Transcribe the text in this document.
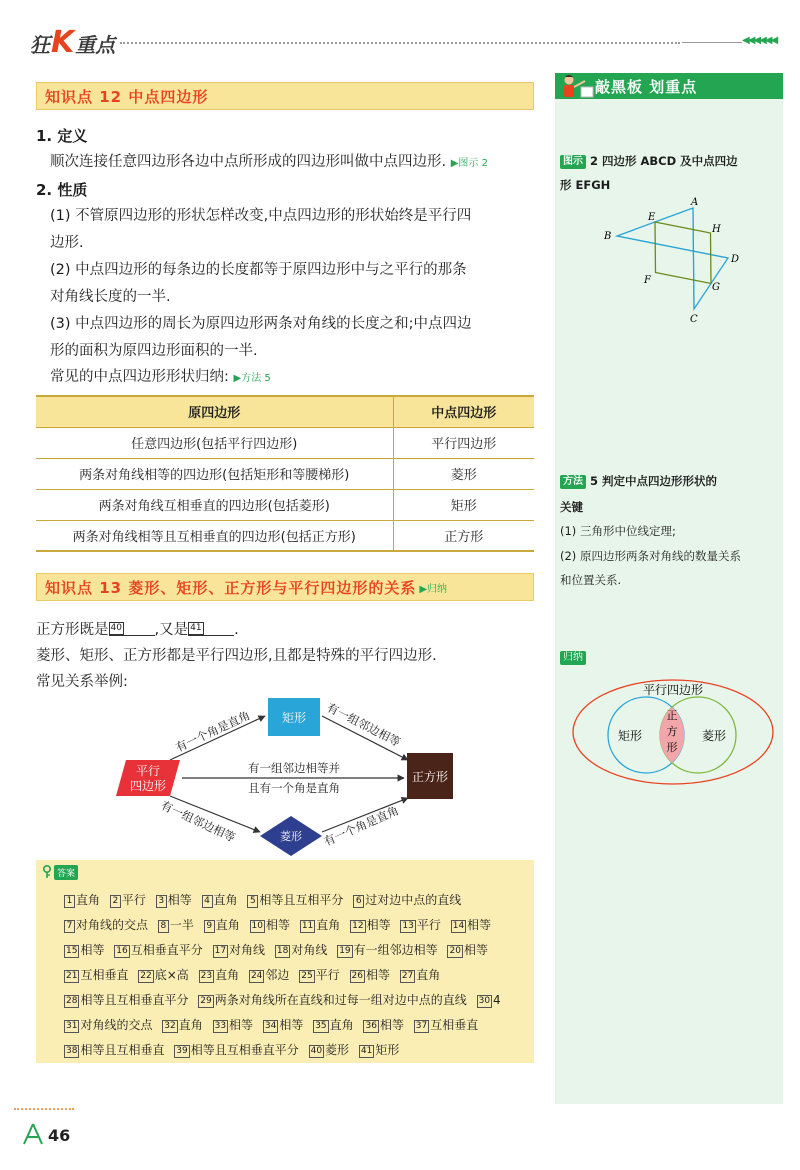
狂 K 重点	◀◀◀◀◀◀
知识点 12 中点四边形
1. 定义
顺次连接任意四边形各边中点所形成的四边形叫做中点四边形. ▶图示 2
2. 性质
(1) 不管原四边形的形状怎样改变,中点四边形的形状始终是平行四
边形.
(2) 中点四边形的每条边的长度都等于原四边形中与之平行的那条
对角线长度的一半.
(3) 中点四边形的周长为原四边形两条对角线的长度之和;中点四边
形的面积为原四边形面积的一半.
常见的中点四边形形状归纳: ▶方法 5
原四边形	中点四边形
任意四边形(包括平行四边形)	平行四边形
两条对角线相等的四边形(包括矩形和等腰梯形)	菱形
两条对角线互相垂直的四边形(包括菱形)	矩形
两条对角线相等且互相垂直的四边形(包括正方形)	正方形
知识点 13 菱形、矩形、正方形与平行四边形的关系 ▶归纳
正方形既是 40 ,又是 41 .
菱形、矩形、正方形都是平行四边形,且都是特殊的平行四边形.
常见关系举例:
平行
四边形
矩形
正方形
菱形
有一个角是直角	有一组邻边相等
有一组邻边相等并
且有一个角是直角
有一组邻边相等	有一个角是直角
答案
1 直角 2 平行 3 相等 4 直角 5 相等且互相平分 6 过对边中点的直线 7 对角线的交点 8 一半 9 直角 10 相等 11 直角 12 相等 13 平行 14 相等 15 相等 16 互相垂直平分 17 对角线 18 对角线 19 有一组邻边相等 20 相等 21 互相垂直 22 底×高 23 直角 24 邻边 25 平行 26 相等 27 直角 28 相等且互相垂直平分 29 两条对角线所在直线和过每一组对边中点的直线 30 4 31 对角线的交点 32 直角 33 相等 34 相等 35 直角 36 相等 37 互相垂直 38 相等且互相垂直 39 相等且互相垂直平分 40 菱形 41 矩形
敲黑板 划重点
图示 2 四边形 ABCD 及中点四边
形 EFGH
A
B
C
D
E
F
G
H
方法 5 判定中点四边形形状的
关键
(1) 三角形中位线定理;
(2) 原四边形两条对角线的数量关系
和位置关系.
归纳
平行四边形
矩形	菱形
正
方
形
46
